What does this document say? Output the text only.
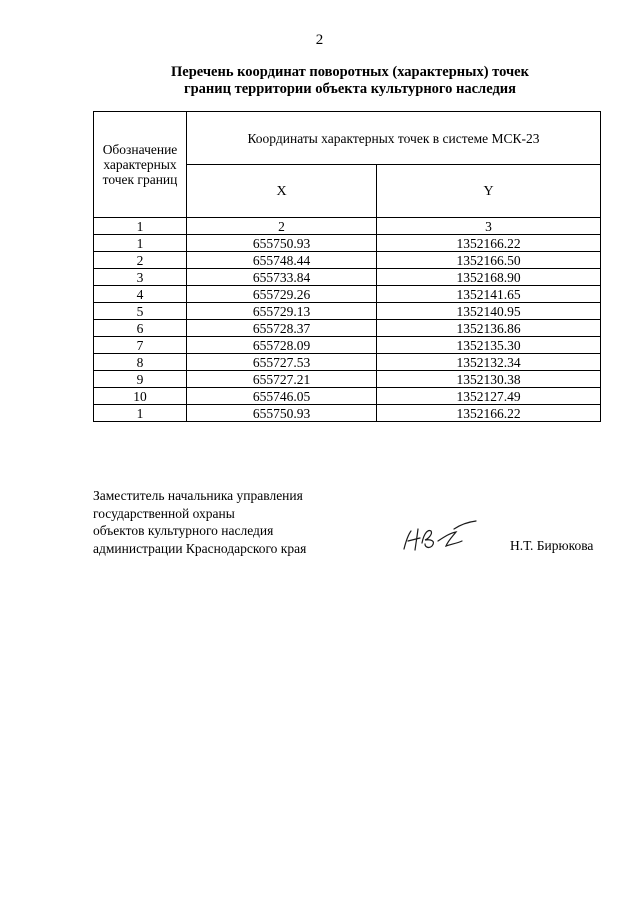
2
Перечень координат поворотных (характерных) точек
границ территории объекта культурного наследия
Обозначение
характерных
точек границ	Координаты характерных точек в системе МСК-23	
	X	Y
1	2	3
1	655750.93	1352166.22
2	655748.44	1352166.50
3	655733.84	1352168.90
4	655729.26	1352141.65
5	655729.13	1352140.95
6	655728.37	1352136.86
7	655728.09	1352135.30
8	655727.53	1352132.34
9	655727.21	1352130.38
10	655746.05	1352127.49
1	655750.93	1352166.22
Заместитель начальника управления
государственной охраны
объектов культурного наследия
администрации Краснодарского края	Н.Т. Бирюкова
